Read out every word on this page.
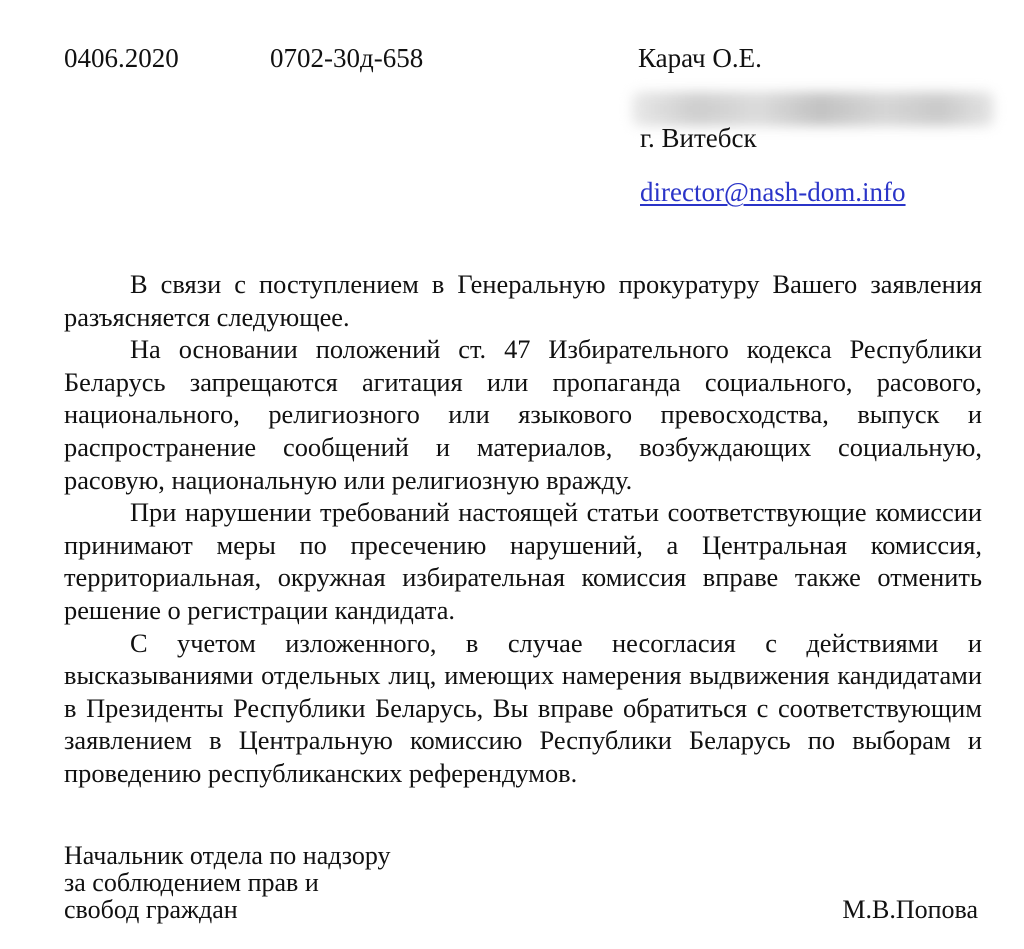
0406.2020	0702-30д-658	Карач О.Е.
г. Витебск
director@nash-dom.info

В связи с поступлением в Генеральную прокуратуру Вашего заявления разъясняется следующее.

На основании положений ст. 47 Избирательного кодекса Республики Беларусь запрещаются агитация или пропаганда социального, расового, национального, религиозного или языкового превосходства, выпуск и распространение сообщений и материалов, возбуждающих социальную, расовую, национальную или религиозную вражду.

При нарушении требований настоящей статьи соответствующие комиссии принимают меры по пресечению нарушений, а Центральная комиссия, территориальная, окружная избирательная комиссия вправе также отменить решение о регистрации кандидата.

С учетом изложенного, в случае несогласия с действиями и высказываниями отдельных лиц, имеющих намерения выдвижения кандидатами в Президенты Республики Беларусь, Вы вправе обратиться с соответствующим заявлением в Центральную комиссию Республики Беларусь по выборам и проведению республиканских референдумов.

Начальник отдела по надзору
за соблюдением прав и
свобод граждан	М.В.Попова
